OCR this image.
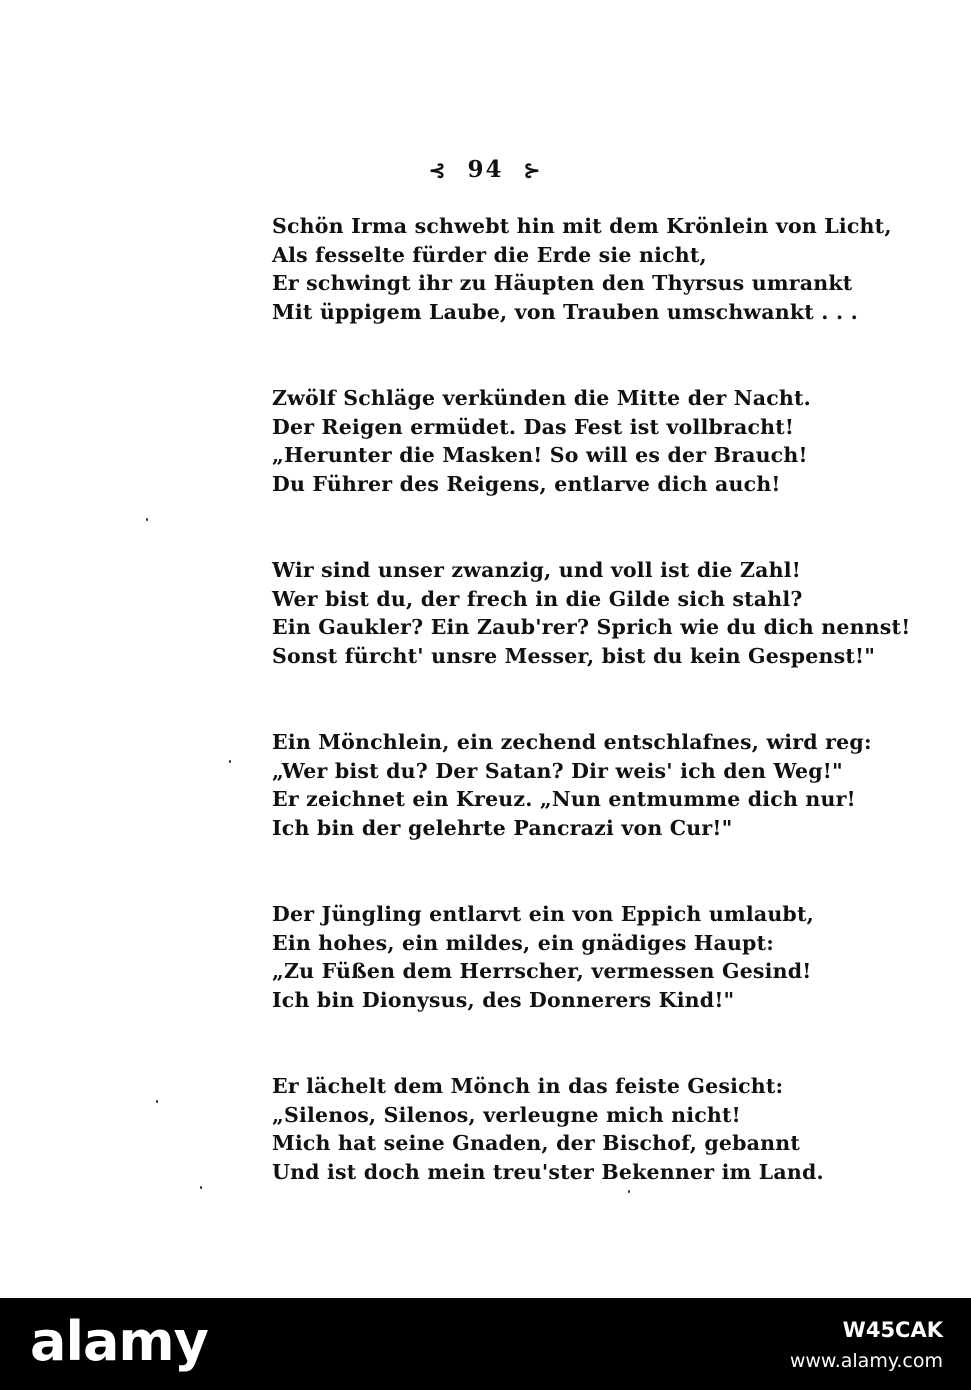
⊰ 94 ⊱
Schön Irma schwebt hin mit dem Krönlein von Licht,
Als fesselte fürder die Erde sie nicht,
Er schwingt ihr zu Häupten den Thyrsus umrankt
Mit üppigem Laube, von Trauben umschwankt . . .
Zwölf Schläge verkünden die Mitte der Nacht.
Der Reigen ermüdet. Das Fest ist vollbracht!
„Herunter die Masken! So will es der Brauch!
Du Führer des Reigens, entlarve dich auch!
Wir sind unser zwanzig, und voll ist die Zahl!
Wer bist du, der frech in die Gilde sich stahl?
Ein Gaukler? Ein Zaub'rer? Sprich wie du dich nennst!
Sonst fürcht' unsre Messer, bist du kein Gespenst!"
Ein Mönchlein, ein zechend entschlafnes, wird reg:
„Wer bist du? Der Satan? Dir weis' ich den Weg!"
Er zeichnet ein Kreuz. „Nun entmumme dich nur!
Ich bin der gelehrte Pancrazi von Cur!"
Der Jüngling entlarvt ein von Eppich umlaubt,
Ein hohes, ein mildes, ein gnädiges Haupt:
„Zu Füßen dem Herrscher, vermessen Gesind!
Ich bin Dionysus, des Donnerers Kind!"
Er lächelt dem Mönch in das feiste Gesicht:
„Silenos, Silenos, verleugne mich nicht!
Mich hat seine Gnaden, der Bischof, gebannt
Und ist doch mein treu'ster Bekenner im Land.
alamy	W45CAK
www.alamy.com
